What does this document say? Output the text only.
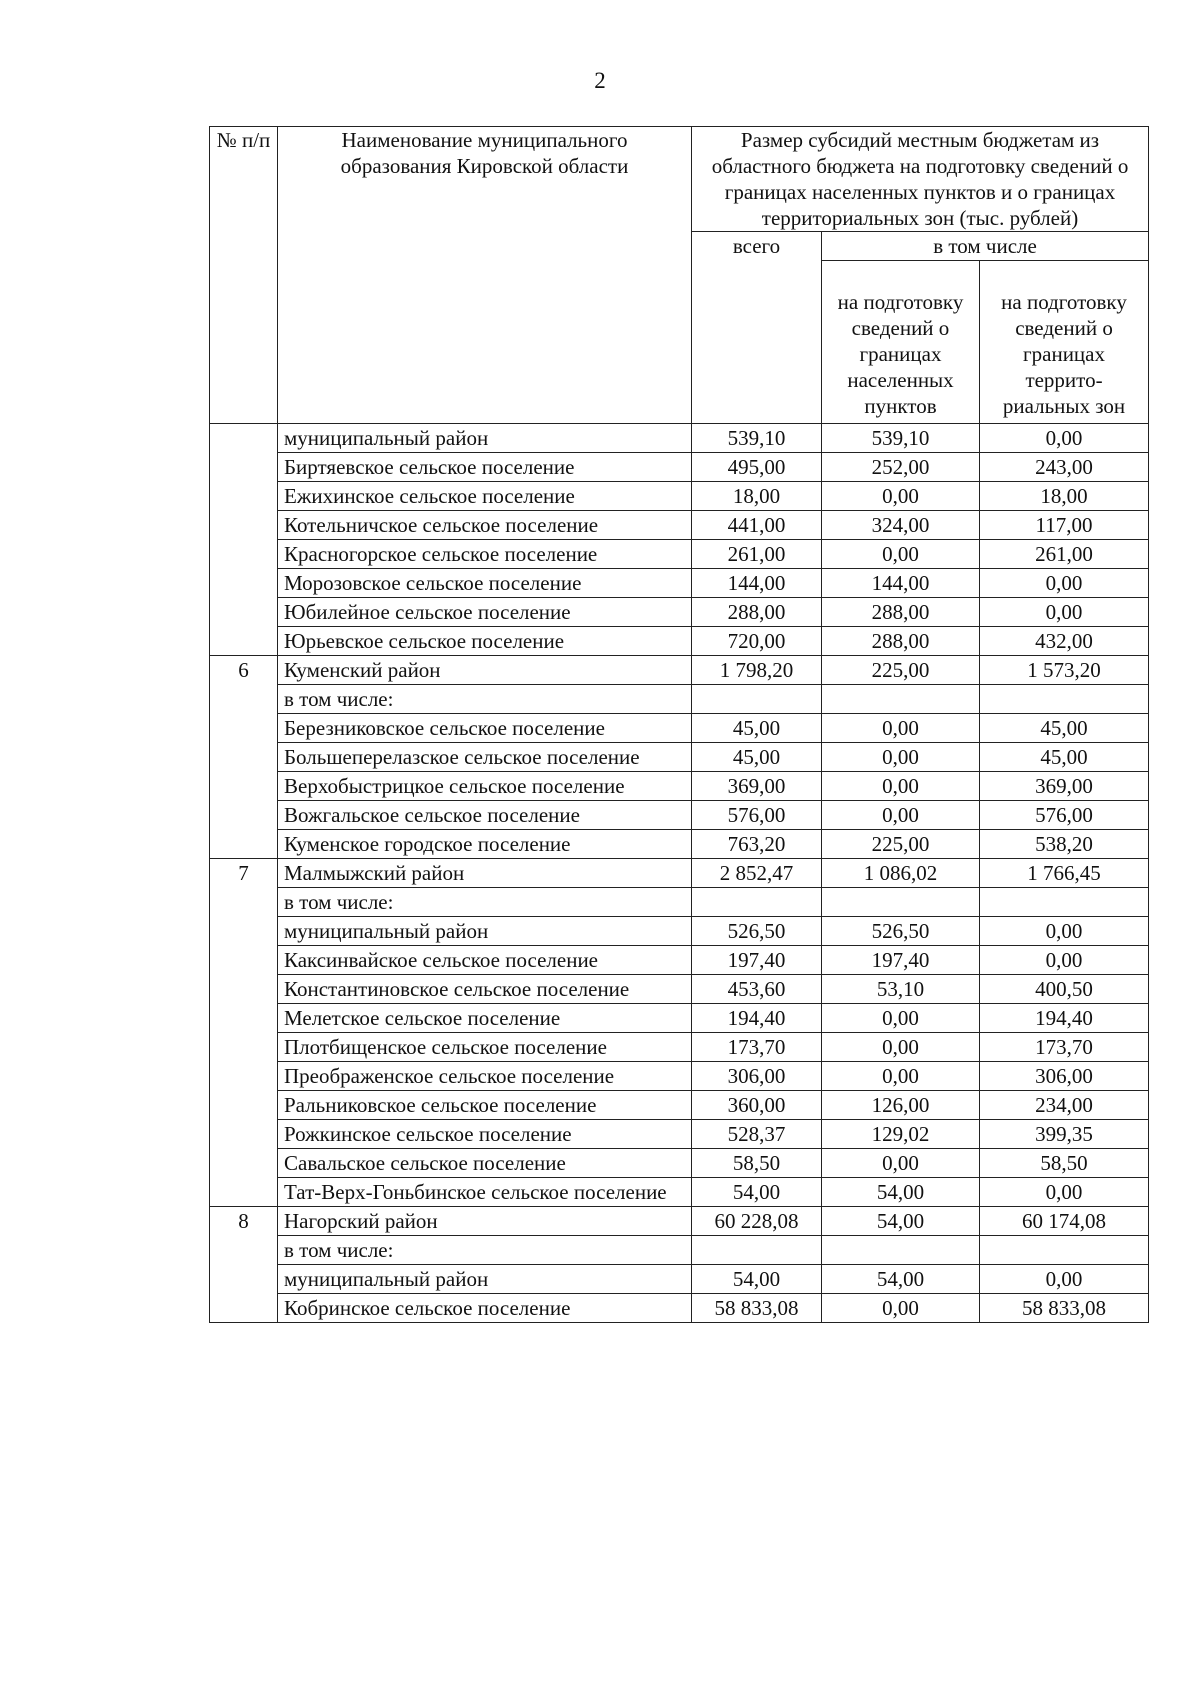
2
№ п/п	Наименование муниципального образования Кировской области	Размер субсидий местным бюджетам из областного бюджета на подготовку сведений о границах населенных пунктов и о границах территориальных зон (тыс. рублей)		
		всего	в том числе	
			на подготовку сведений о границах населенных пунктов	на подготовку сведений о границах террито-риальных зон
	муниципальный район	539,10	539,10	0,00
	Биртяевское сельское поселение	495,00	252,00	243,00
	Ежихинское сельское поселение	18,00	0,00	18,00
	Котельничское сельское поселение	441,00	324,00	117,00
	Красногорское сельское поселение	261,00	0,00	261,00
	Морозовское сельское поселение	144,00	144,00	0,00
	Юбилейное сельское поселение	288,00	288,00	0,00
	Юрьевское сельское поселение	720,00	288,00	432,00
6	Куменский район	1 798,20	225,00	1 573,20
	в том числе:			
	Березниковское сельское поселение	45,00	0,00	45,00
	Большеперелазское сельское поселение	45,00	0,00	45,00
	Верхобыстрицкое сельское поселение	369,00	0,00	369,00
	Вожгальское сельское поселение	576,00	0,00	576,00
	Куменское городское поселение	763,20	225,00	538,20
7	Малмыжский район	2 852,47	1 086,02	1 766,45
	в том числе:			
	муниципальный район	526,50	526,50	0,00
	Каксинвайское сельское поселение	197,40	197,40	0,00
	Константиновское сельское поселение	453,60	53,10	400,50
	Мелетское сельское поселение	194,40	0,00	194,40
	Плотбищенское сельское поселение	173,70	0,00	173,70
	Преображенское сельское поселение	306,00	0,00	306,00
	Ральниковское сельское поселение	360,00	126,00	234,00
	Рожкинское сельское поселение	528,37	129,02	399,35
	Савальское сельское поселение	58,50	0,00	58,50
	Тат-Верх-Гоньбинское сельское поселение	54,00	54,00	0,00
8	Нагорский район	60 228,08	54,00	60 174,08
	в том числе:			
	муниципальный район	54,00	54,00	0,00
	Кобринское сельское поселение	58 833,08	0,00	58 833,08
